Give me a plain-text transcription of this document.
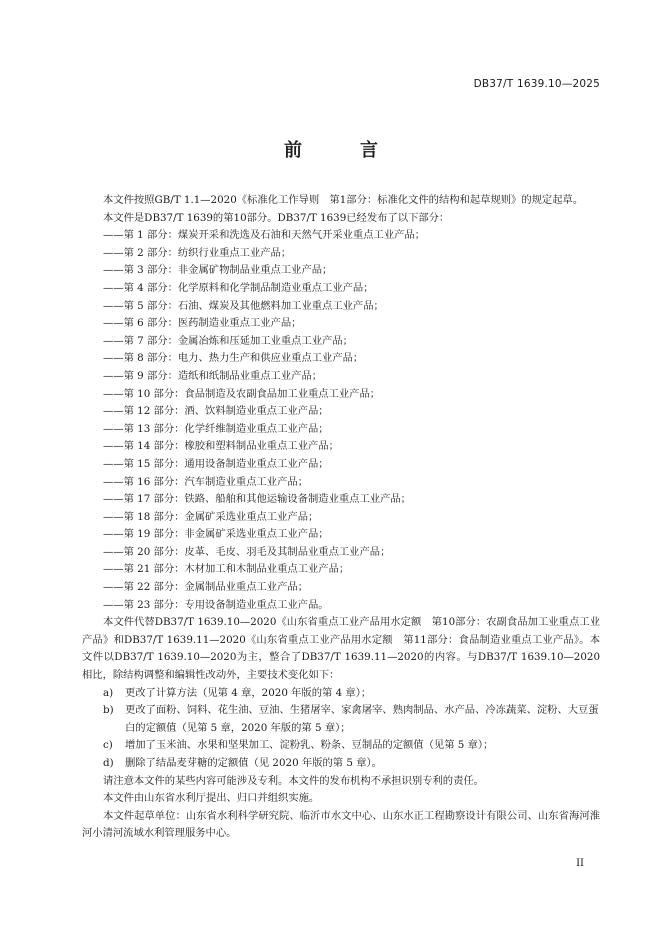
DB37/T 1639.10—2025
前　言

本文件按照GB/T 1.1—2020《标准化工作导则　第1部分：标准化文件的结构和起草规则》的规定起草。

本文件是DB37/T 1639的第10部分。DB37/T 1639已经发布了以下部分：

——第 1 部分：煤炭开采和洗选及石油和天然气开采业重点工业产品；

——第 2 部分：纺织行业重点工业产品；

——第 3 部分：非金属矿物制品业重点工业产品；

——第 4 部分：化学原料和化学制品制造业重点工业产品；

——第 5 部分：石油、煤炭及其他燃料加工业重点工业产品；

——第 6 部分：医药制造业重点工业产品；

——第 7 部分：金属冶炼和压延加工业重点工业产品；

——第 8 部分：电力、热力生产和供应业重点工业产品；

——第 9 部分：造纸和纸制品业重点工业产品；

——第 10 部分：食品制造及农副食品加工业重点工业产品；

——第 12 部分：酒、饮料制造业重点工业产品；

——第 13 部分：化学纤维制造业重点工业产品；

——第 14 部分：橡胶和塑料制品业重点工业产品；

——第 15 部分：通用设备制造业重点工业产品；

——第 16 部分：汽车制造业重点工业产品；

——第 17 部分：铁路、船舶和其他运输设备制造业重点工业产品；

——第 18 部分：金属矿采选业重点工业产品；

——第 19 部分：非金属矿采选业重点工业产品；

——第 20 部分：皮革、毛皮、羽毛及其制品业重点工业产品；

——第 21 部分：木材加工和木制品业重点工业产品；

——第 22 部分：金属制品业重点工业产品；

——第 23 部分：专用设备制造业重点工业产品。

本文件代替DB37/T 1639.10—2020《山东省重点工业产品用水定额　第10部分：农副食品加工业重点工业产品》和DB37/T 1639.11—2020《山东省重点工业产品用水定额　第11部分：食品制造业重点工业产品》。本文件以DB37/T 1639.10—2020为主，整合了DB37/T 1639.11—2020的内容。与DB37/T 1639.10—2020相比，除结构调整和编辑性改动外，主要技术变化如下：

a)	更改了计算方法（见第 4 章，2020 年版的第 4 章）；
b)	更改了面粉、饲料、花生油、豆油、生猪屠宰、家禽屠宰、熟肉制品、水产品、冷冻蔬菜、淀粉、大豆蛋白的定额值（见第 5 章，2020 年版的第 5 章）；
c)	增加了玉米油、水果和坚果加工、淀粉乳、粉条、豆制品的定额值（见第 5 章）；
d)	删除了结晶麦芽糖的定额值（见 2020 年版的第 5 章）。

请注意本文件的某些内容可能涉及专利。本文件的发布机构不承担识别专利的责任。

本文件由山东省水利厅提出、归口并组织实施。

本文件起草单位：山东省水利科学研究院、临沂市水文中心、山东水正工程勘察设计有限公司、山东省海河淮河小清河流域水利管理服务中心。

II
